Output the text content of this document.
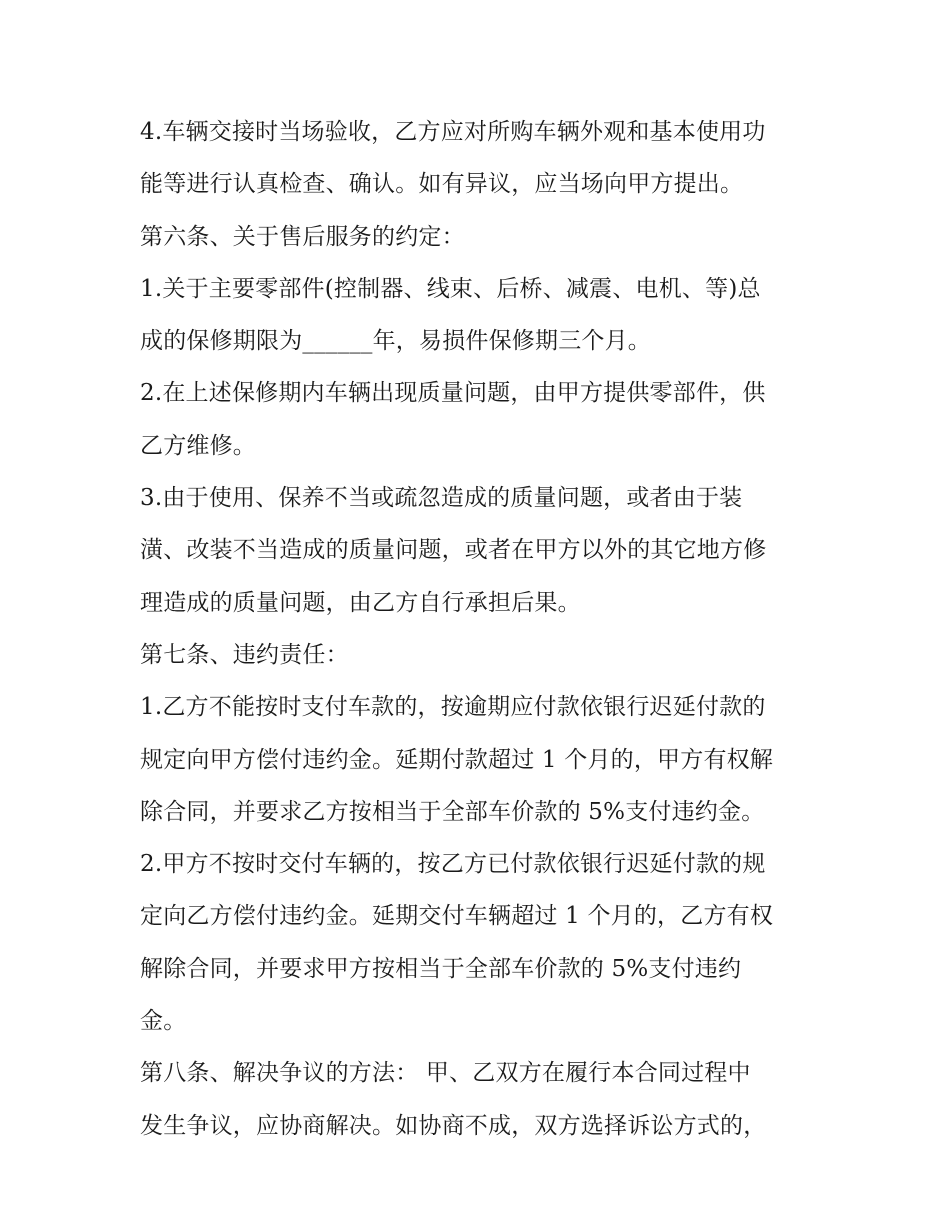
4.车辆交接时当场验收，乙方应对所购车辆外观和基本使用功
能等进行认真检查、确认。如有异议，应当场向甲方提出。
第六条、关于售后服务的约定：
1.关于主要零部件(控制器、线束、后桥、减震、电机、等)总
成的保修期限为______年，易损件保修期三个月。
2.在上述保修期内车辆出现质量问题，由甲方提供零部件，供
乙方维修。
3.由于使用、保养不当或疏忽造成的质量问题，或者由于装
潢、改装不当造成的质量问题，或者在甲方以外的其它地方修
理造成的质量问题，由乙方自行承担后果。
第七条、违约责任：
1.乙方不能按时支付车款的，按逾期应付款依银行迟延付款的
规定向甲方偿付违约金。延期付款超过 1 个月的，甲方有权解
除合同，并要求乙方按相当于全部车价款的 5%支付违约金。
2.甲方不按时交付车辆的，按乙方已付款依银行迟延付款的规
定向乙方偿付违约金。延期交付车辆超过 1 个月的，乙方有权
解除合同，并要求甲方按相当于全部车价款的 5%支付违约
金。
第八条、解决争议的方法： 甲、乙双方在履行本合同过程中
发生争议，应协商解决。如协商不成，双方选择诉讼方式的，
